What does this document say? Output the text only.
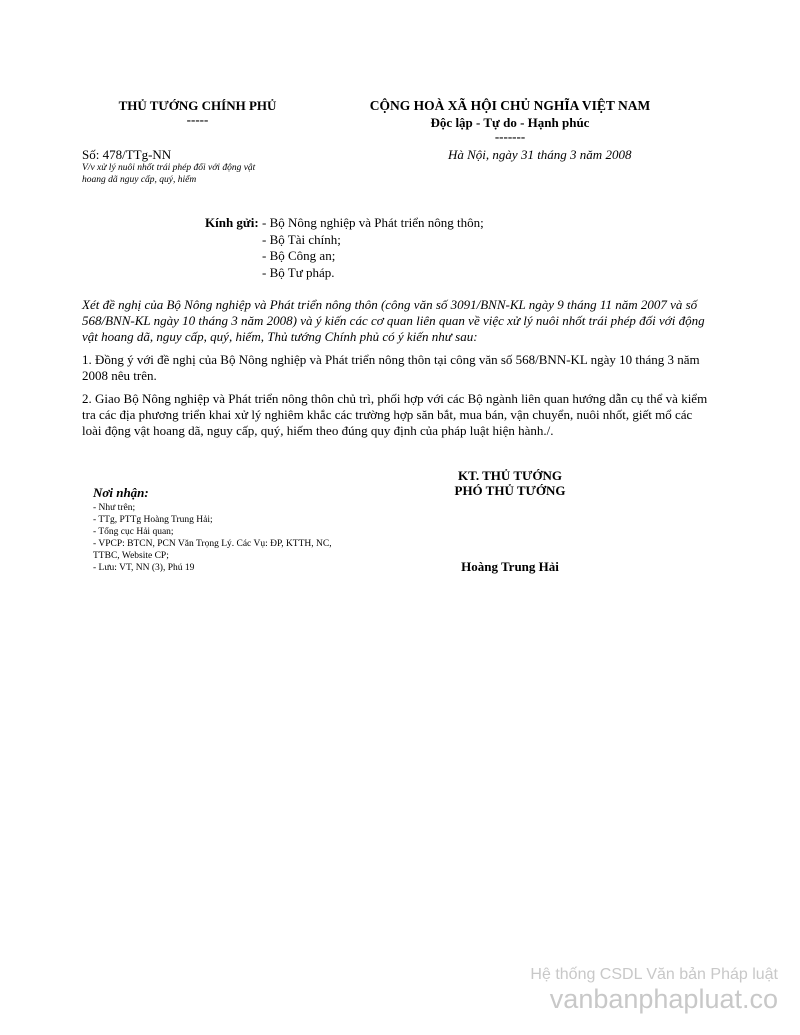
THỦ TƯỚNG CHÍNH PHỦ
-----
CỘNG HOÀ XÃ HỘI CHỦ NGHĨA VIỆT NAM
Độc lập - Tự do - Hạnh phúc
-------
Số: 478/TTg-NN
V/v xử lý nuôi nhốt trái phép đối với động vật
hoang dã nguy cấp, quý, hiếm
Hà Nội, ngày 31 tháng 3 năm 2008
Kính gửi: - Bộ Nông nghiệp và Phát triển nông thôn;
- Bộ Tài chính;
- Bộ Công an;
- Bộ Tư pháp.

Xét đề nghị của Bộ Nông nghiệp và Phát triển nông thôn (công văn số 3091/BNN-KL ngày 9 tháng 11 năm 2007 và số 568/BNN-KL ngày 10 tháng 3 năm 2008) và ý kiến các cơ quan liên quan về việc xử lý nuôi nhốt trái phép đối với động vật hoang dã, nguy cấp, quý, hiếm, Thủ tướng Chính phủ có ý kiến như sau:

1. Đồng ý với đề nghị của Bộ Nông nghiệp và Phát triển nông thôn tại công văn số 568/BNN-KL ngày 10 tháng 3 năm 2008 nêu trên.

2. Giao Bộ Nông nghiệp và Phát triển nông thôn chủ trì, phối hợp với các Bộ ngành liên quan hướng dẫn cụ thể và kiểm tra các địa phương triển khai xử lý nghiêm khắc các trường hợp săn bắt, mua bán, vận chuyển, nuôi nhốt, giết mổ các loài động vật hoang dã, nguy cấp, quý, hiếm theo đúng quy định của pháp luật hiện hành./.

KT. THỦ TƯỚNG
PHÓ THỦ TƯỚNG
Hoàng Trung Hải
Nơi nhận:
- Như trên;
- TTg, PTTg Hoàng Trung Hải;
- Tổng cục Hải quan;
- VPCP: BTCN, PCN Văn Trọng Lý. Các Vụ: ĐP, KTTH, NC,
TTBC, Website CP;
- Lưu: VT, NN (3), Phú 19
Hệ thống CSDL Văn bản Pháp luật
vanbanphapluat.co
